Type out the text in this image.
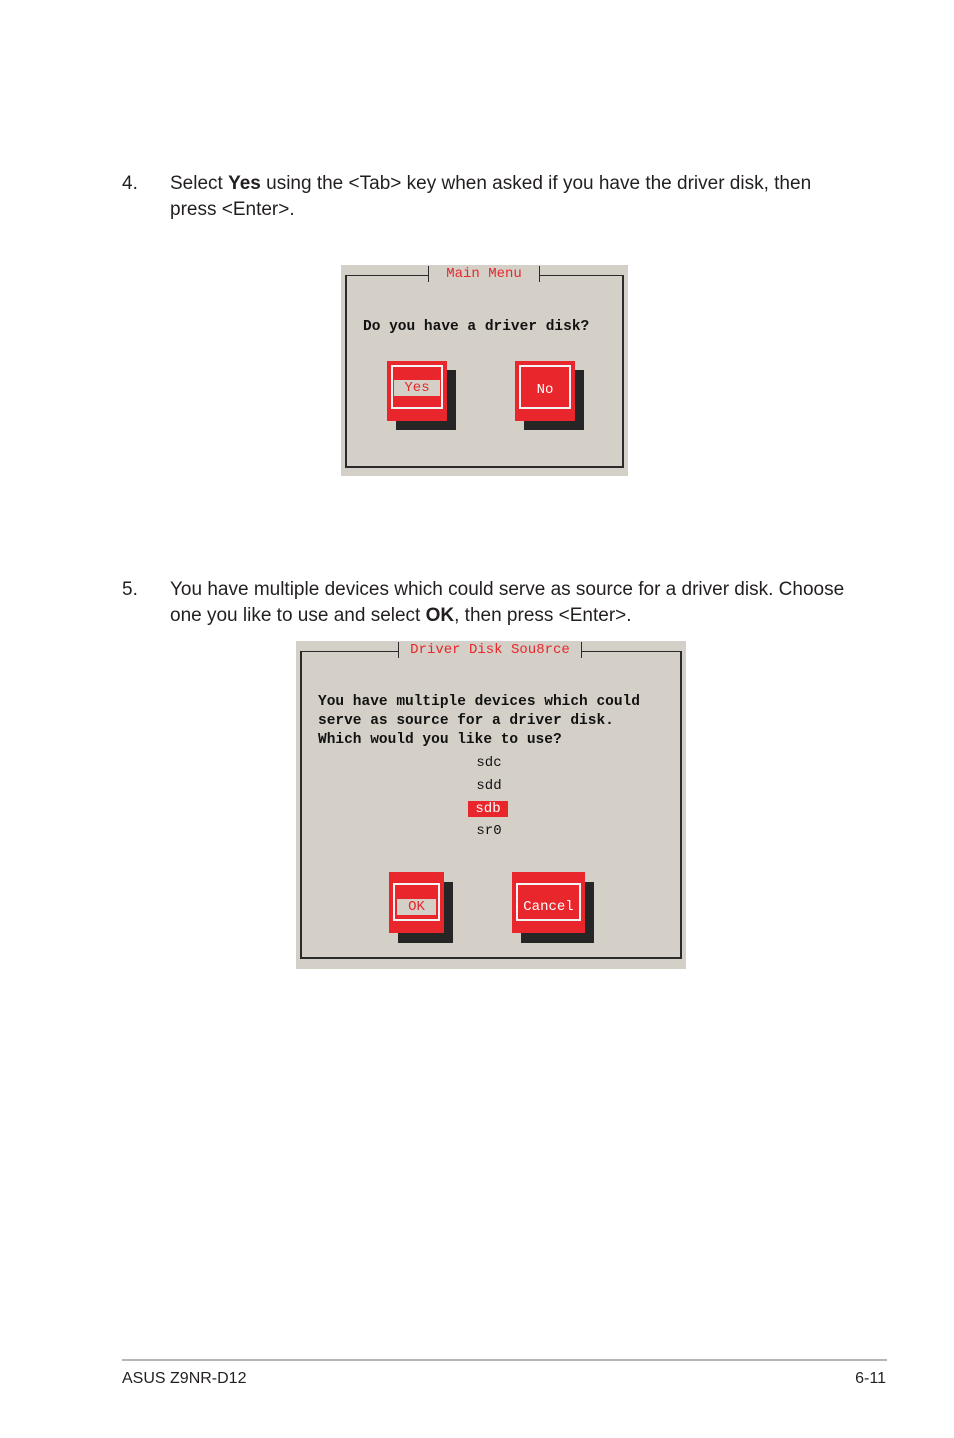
4. Select Yes using the <Tab> key when asked if you have the driver disk, then press <Enter>.
Main Menu
Do you have a driver disk?
Yes	No
5. You have multiple devices which could serve as source for a driver disk. Choose one you like to use and select OK, then press <Enter>.
Driver Disk Sou8rce
You have multiple devices which could
serve as source for a driver disk.
Which would you like to use?
sdc
sdd
sdb
sr0
OK	Cancel
ASUS Z9NR-D12	6-11
